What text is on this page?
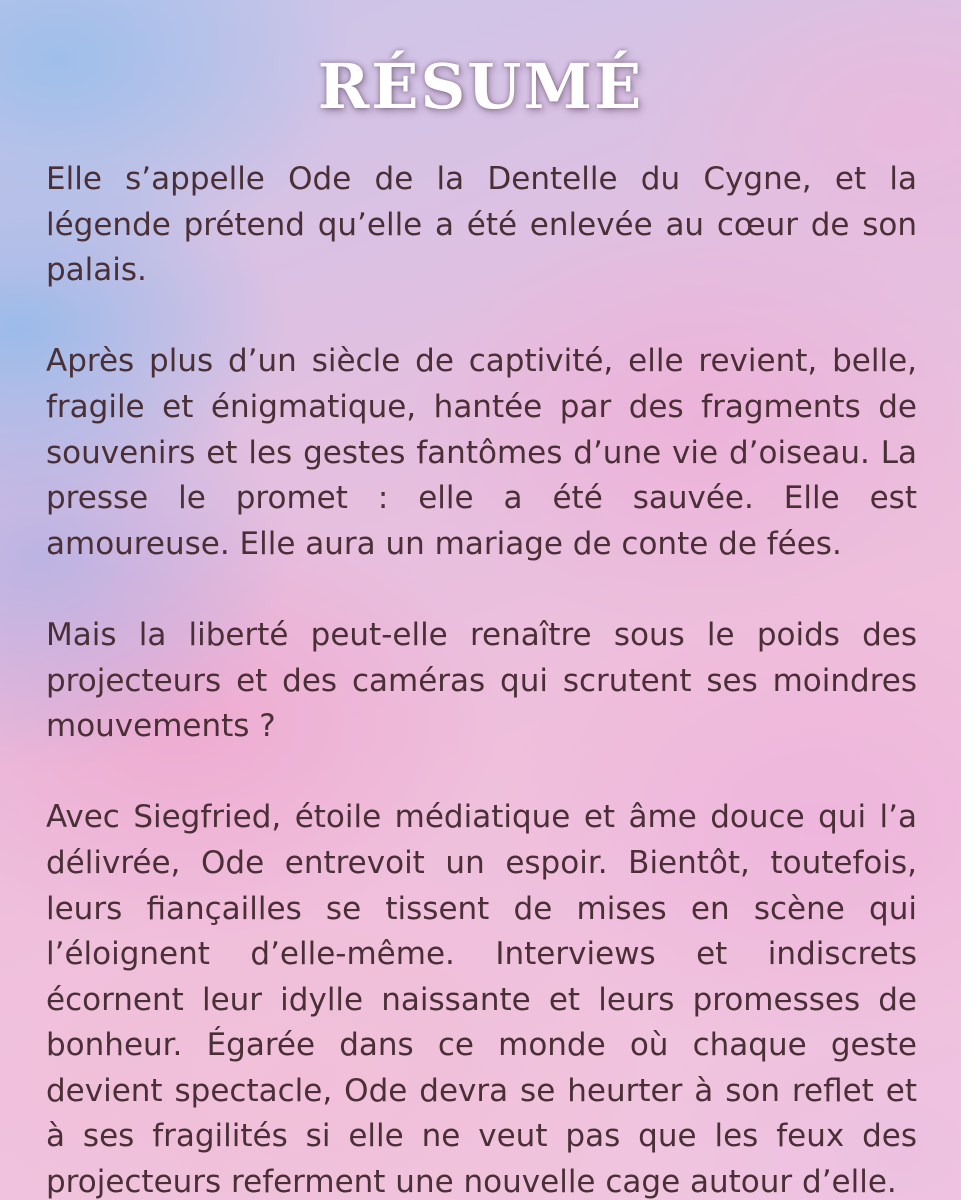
RÉSUMÉ

Elle s’appelle Ode de la Dentelle du Cygne, et la légende prétend qu’elle a été enlevée au cœur de son palais.

Après plus d’un siècle de captivité, elle revient, belle, fragile et énigmatique, hantée par des fragments de souvenirs et les gestes fantômes d’une vie d’oiseau. La presse le promet : elle a été sauvée. Elle est amoureuse. Elle aura un mariage de conte de fées.

Mais la liberté peut-elle renaître sous le poids des projecteurs et des caméras qui scrutent ses moindres mouvements ?

Avec Siegfried, étoile médiatique et âme douce qui l’a délivrée, Ode entrevoit un espoir. Bientôt, toutefois, leurs fiançailles se tissent de mises en scène qui l’éloignent d’elle-même. Interviews et indiscrets écornent leur idylle naissante et leurs promesses de bonheur. Égarée dans ce monde où chaque geste devient spectacle, Ode devra se heurter à son reflet et à ses fragilités si elle ne veut pas que les feux des projecteurs referment une nouvelle cage autour d’elle.
